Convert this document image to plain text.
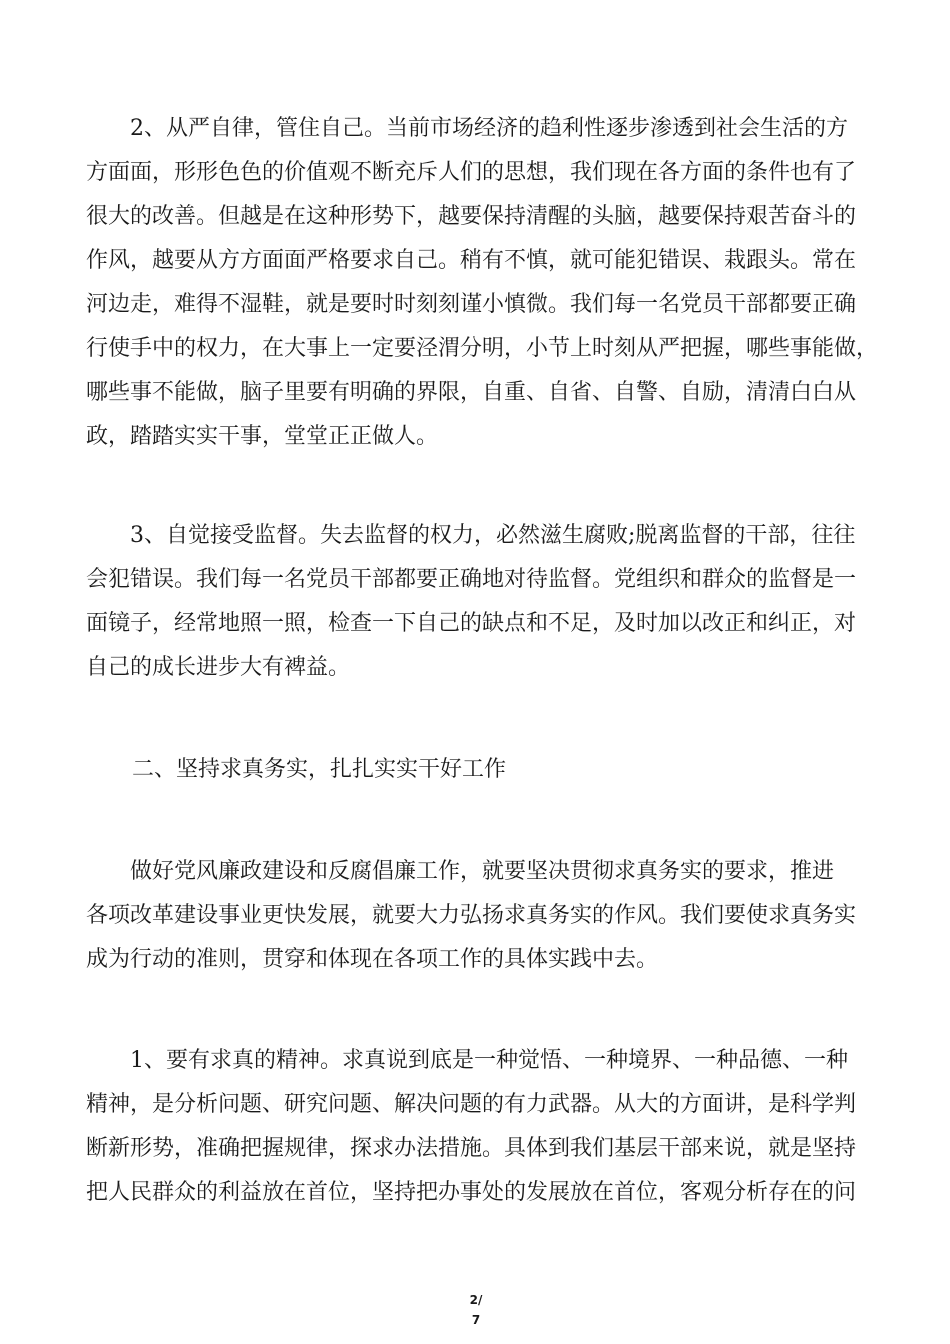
　　2、从严自律，管住自己。当前市场经济的趋利性逐步渗透到社会生活的方
方面面，形形色色的价值观不断充斥人们的思想，我们现在各方面的条件也有了
很大的改善。但越是在这种形势下，越要保持清醒的头脑，越要保持艰苦奋斗的
作风，越要从方方面面严格要求自己。稍有不慎，就可能犯错误、栽跟头。常在
河边走，难得不湿鞋，就是要时时刻刻谨小慎微。我们每一名党员干部都要正确
行使手中的权力，在大事上一定要泾渭分明，小节上时刻从严把握，哪些事能做，
哪些事不能做，脑子里要有明确的界限，自重、自省、自警、自励，清清白白从
政，踏踏实实干事，堂堂正正做人。
　　3、自觉接受监督。失去监督的权力，必然滋生腐败;脱离监督的干部，往往
会犯错误。我们每一名党员干部都要正确地对待监督。党组织和群众的监督是一
面镜子，经常地照一照，检查一下自己的缺点和不足，及时加以改正和纠正，对
自己的成长进步大有裨益。

二、坚持求真务实，扎扎实实干好工作

　　做好党风廉政建设和反腐倡廉工作，就要坚决贯彻求真务实的要求，推进
各项改革建设事业更快发展，就要大力弘扬求真务实的作风。我们要使求真务实
成为行动的准则，贯穿和体现在各项工作的具体实践中去。
　　1、要有求真的精神。求真说到底是一种觉悟、一种境界、一种品德、一种
精神，是分析问题、研究问题、解决问题的有力武器。从大的方面讲，是科学判
断新形势，准确把握规律，探求办法措施。具体到我们基层干部来说，就是坚持
把人民群众的利益放在首位，坚持把办事处的发展放在首位，客观分析存在的问
2/
7
